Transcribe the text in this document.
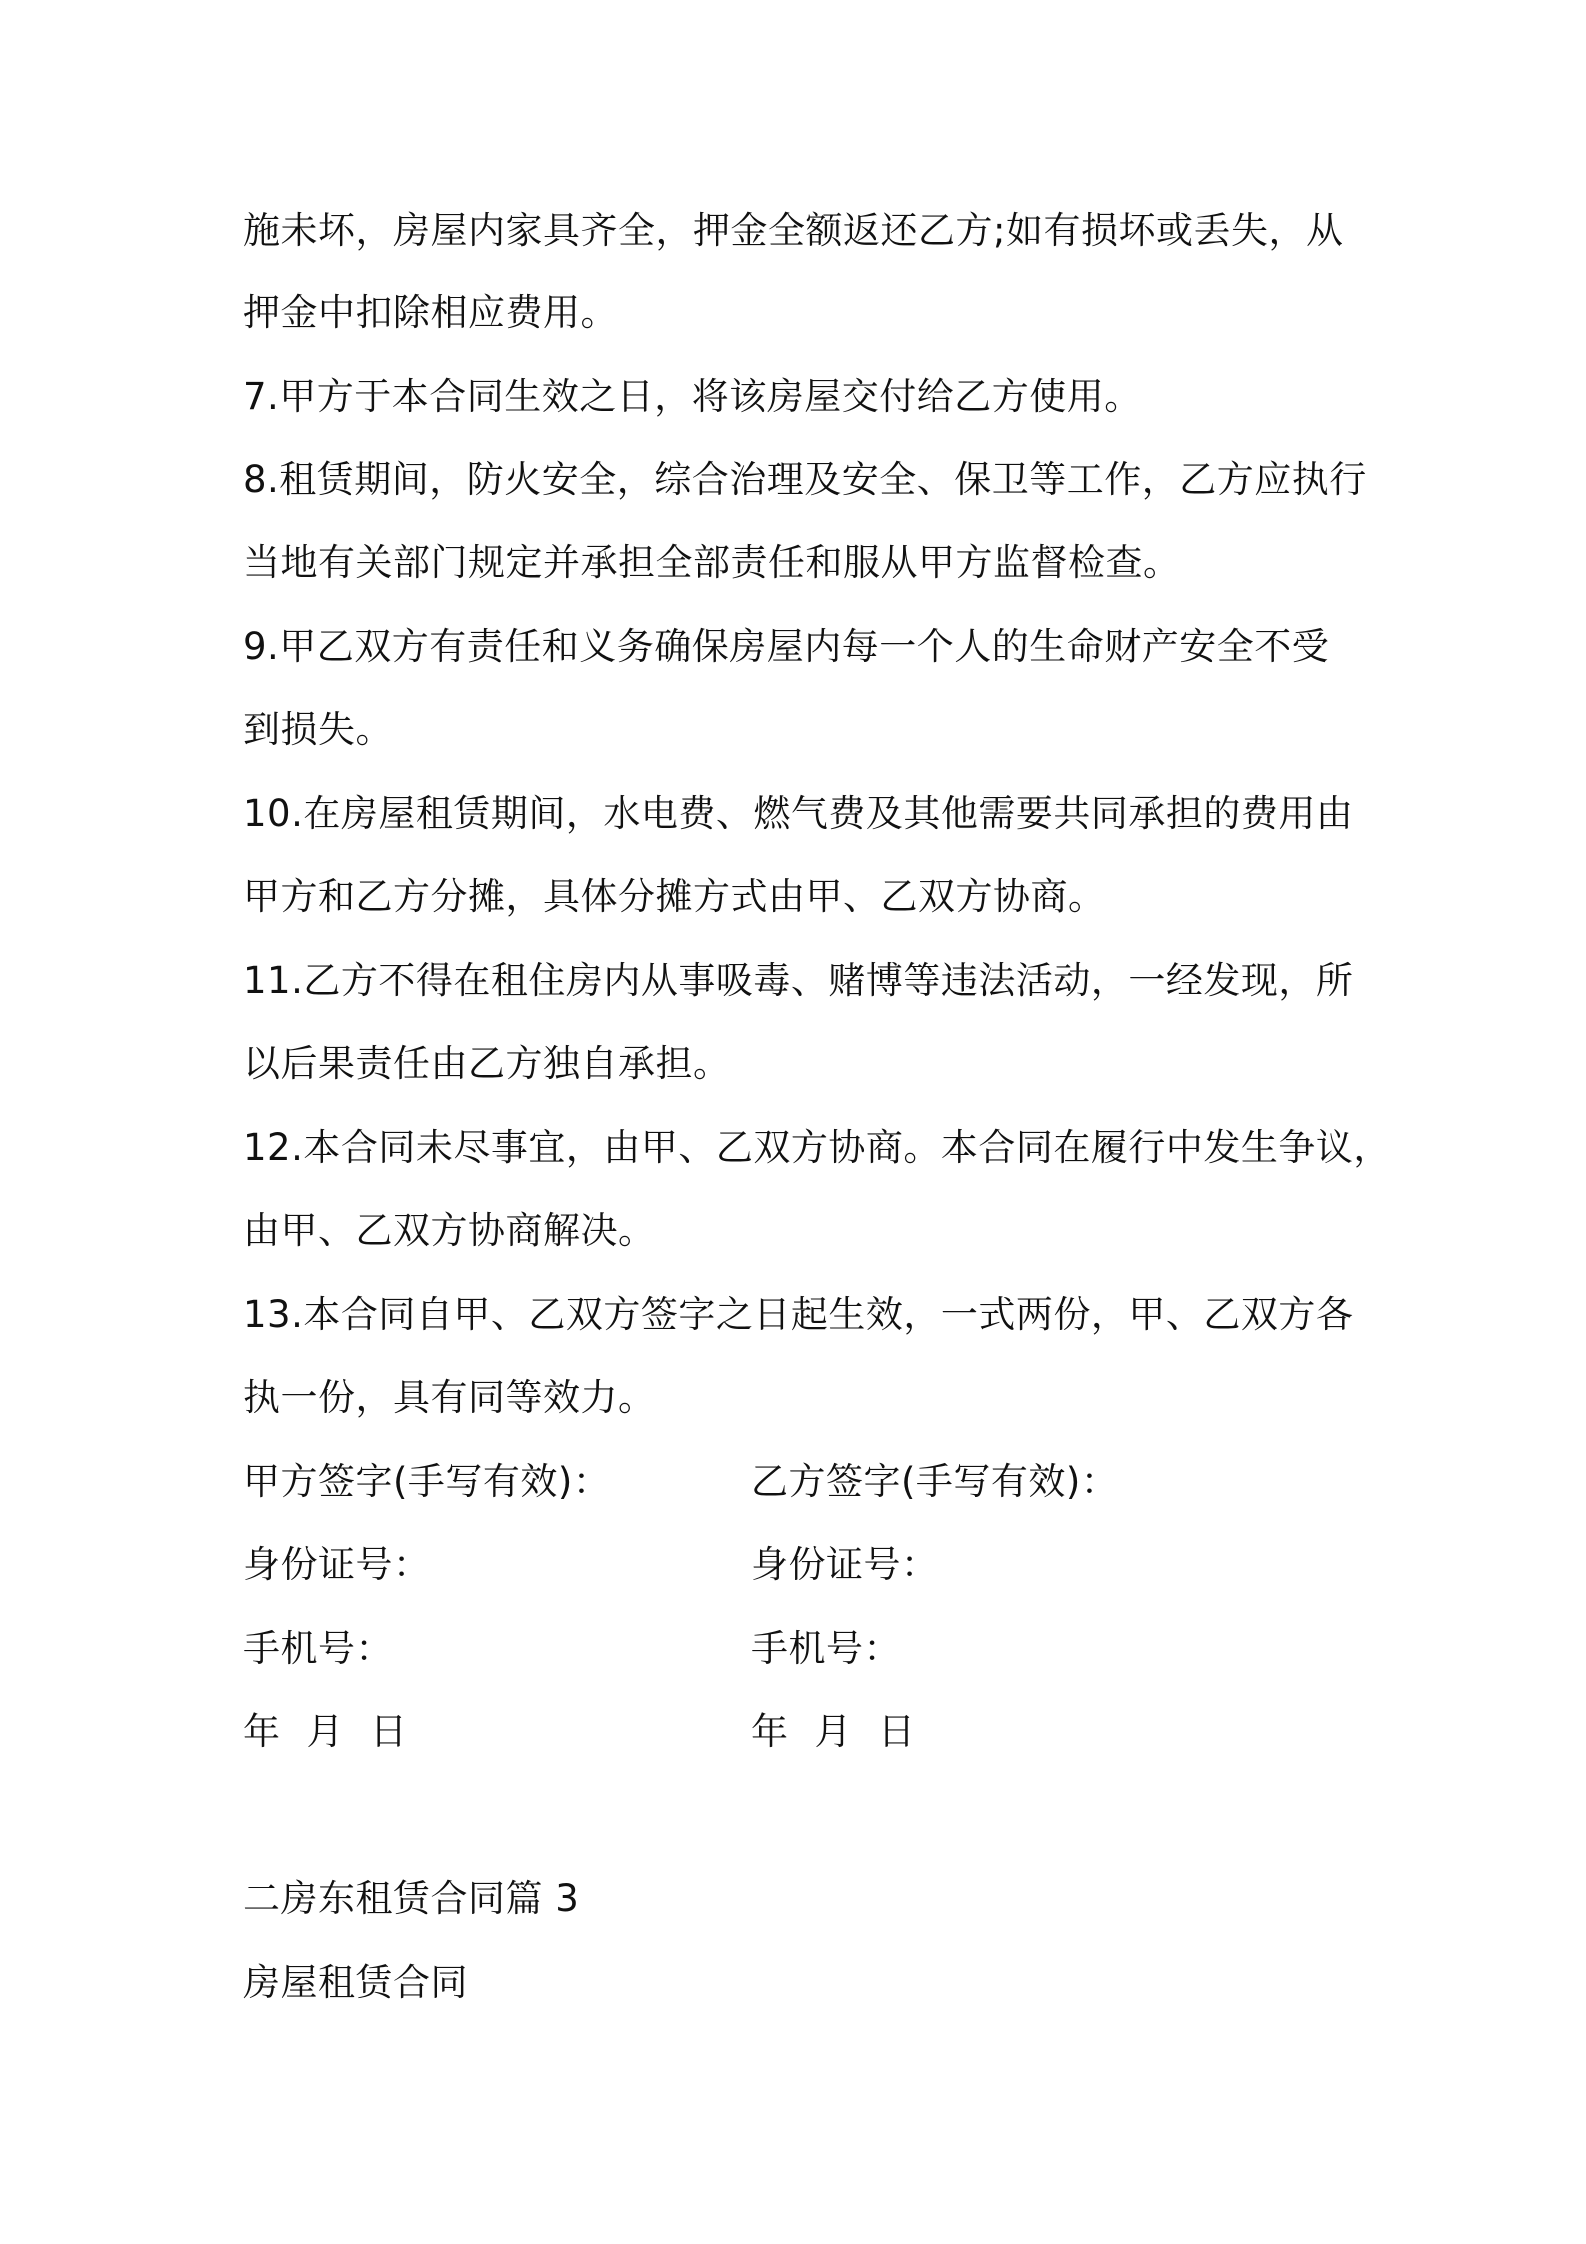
施未坏，房屋内家具齐全，押金全额返还乙方;如有损坏或丢失，从
押金中扣除相应费用。
7.甲方于本合同生效之日，将该房屋交付给乙方使用。
8.租赁期间，防火安全，综合治理及安全、保卫等工作，乙方应执行
当地有关部门规定并承担全部责任和服从甲方监督检查。
9.甲乙双方有责任和义务确保房屋内每一个人的生命财产安全不受
到损失。
10.在房屋租赁期间，水电费、燃气费及其他需要共同承担的费用由
甲方和乙方分摊，具体分摊方式由甲、乙双方协商。
11.乙方不得在租住房内从事吸毒、赌博等违法活动，一经发现，所
以后果责任由乙方独自承担。
12.本合同未尽事宜，由甲、乙双方协商。本合同在履行中发生争议，
由甲、乙双方协商解决。
13.本合同自甲、乙双方签字之日起生效，一式两份，甲、乙双方各
执一份，具有同等效力。
甲方签字(手写有效)：
身份证号：
手机号：
年 月 日
乙方签字(手写有效)：
身份证号：
手机号：
年 月 日
二房东租赁合同篇 3
房屋租赁合同
